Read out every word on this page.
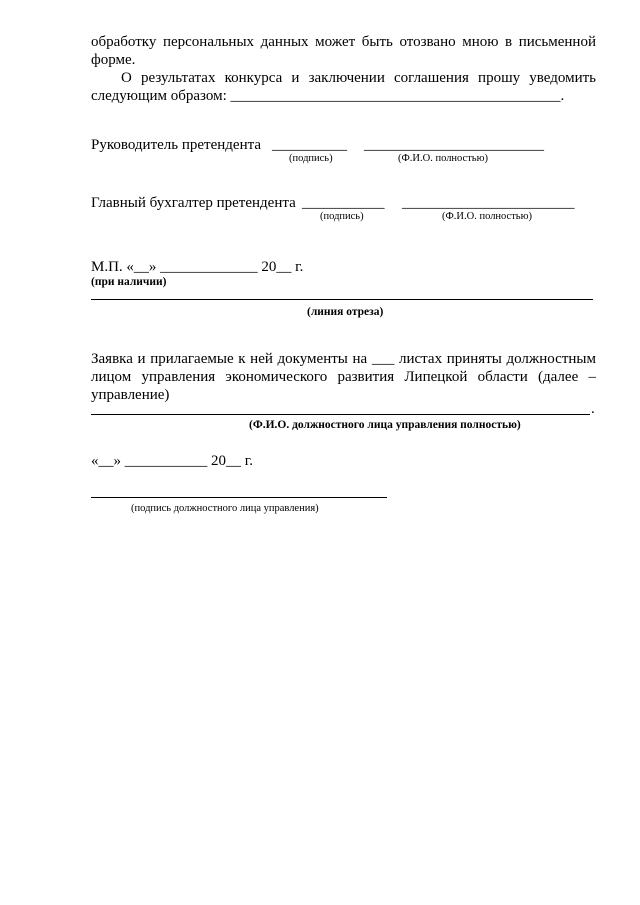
обработку персональных данных может быть отозвано мною в письменной
форме.
О результатах конкурса и заключении соглашения прошу уведомить
следующим образом: ____________________________________________.
Руководитель претендента __________ ________________________
(подпись)	(Ф.И.О. полностью)
Главный бухгалтер претендента ___________ _______________________
(подпись)	(Ф.И.О. полностью)
М.П. «__» _____________ 20__ г.
(при наличии)
(линия отреза)
Заявка и прилагаемые к ней документы на ___ листах приняты должностным
лицом управления экономического развития Липецкой области (далее –
управление)
.
(Ф.И.О. должностного лица управления полностью)
«__» ___________ 20__ г.
(подпись должностного лица управления)
